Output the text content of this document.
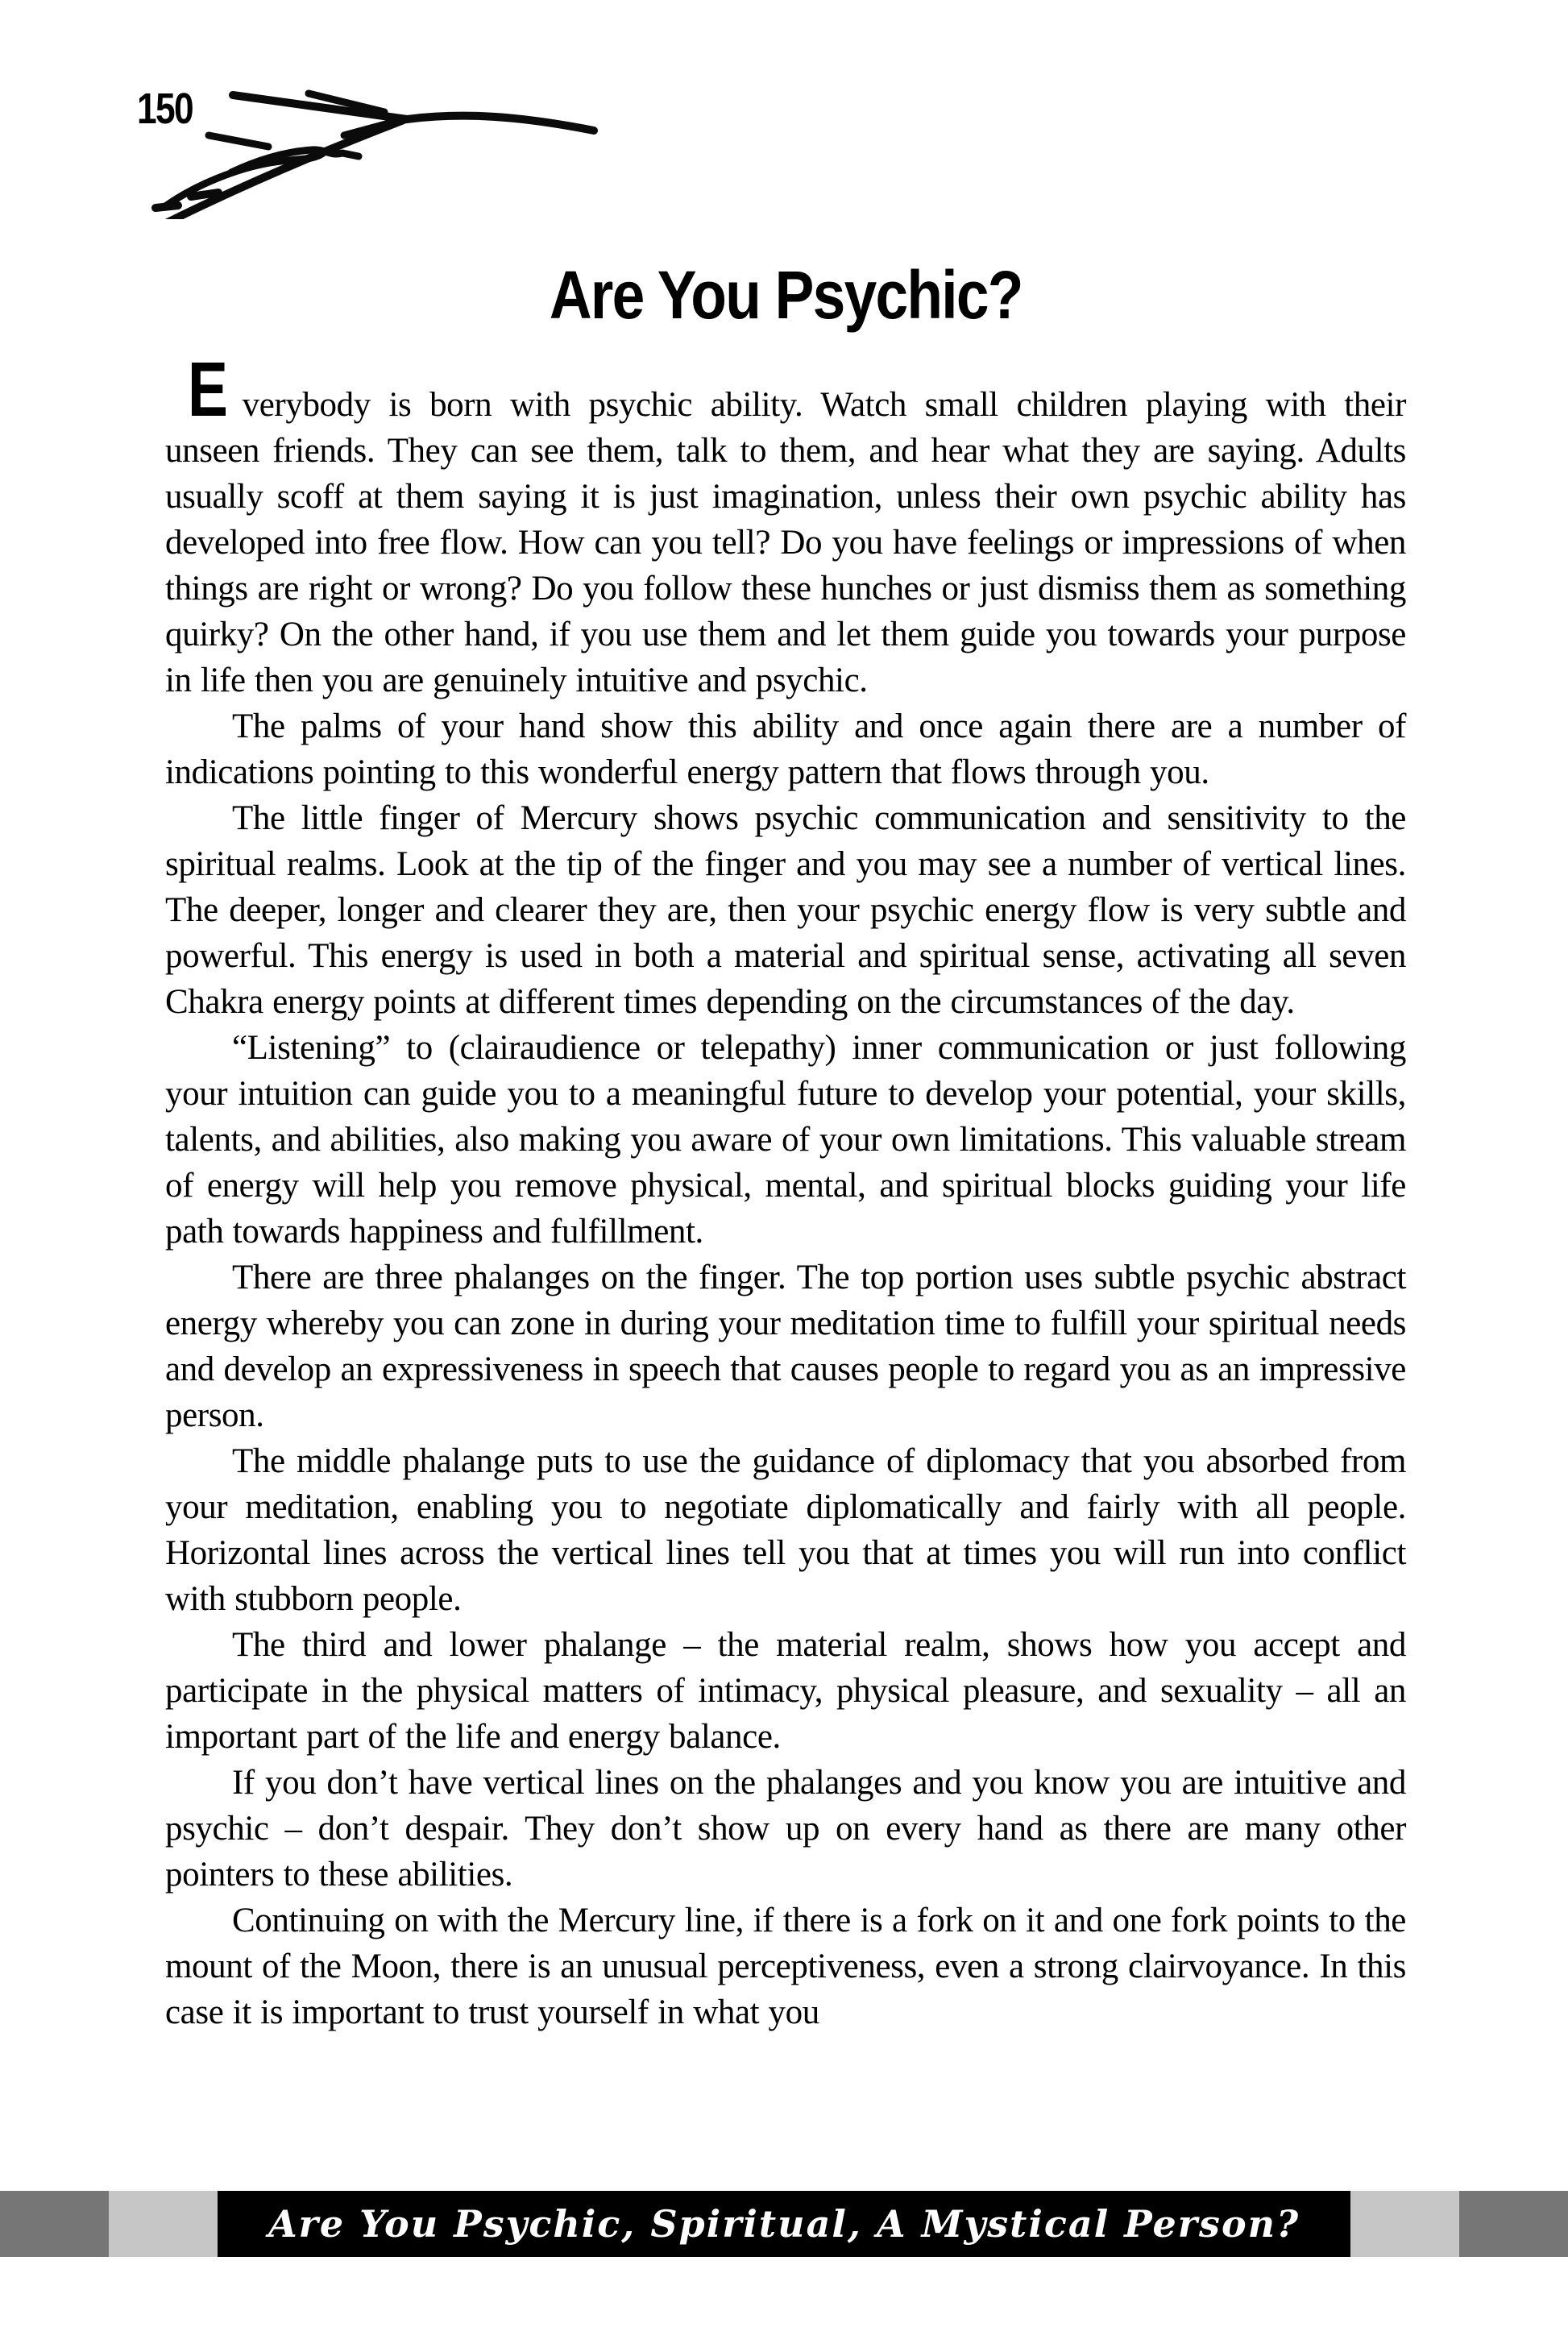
150
Are You Psychic?

Everybody is born with psychic ability. Watch small children playing with their unseen friends. They can see them, talk to them, and hear what they are saying. Adults usually scoff at them saying it is just imagination, unless their own psychic ability has developed into free flow. How can you tell? Do you have feelings or impressions of when things are right or wrong? Do you follow these hunches or just dismiss them as something quirky? On the other hand, if you use them and let them guide you towards your purpose in life then you are genuinely intuitive and psychic.

The palms of your hand show this ability and once again there are a number of indications pointing to this wonderful energy pattern that flows through you.

The little finger of Mercury shows psychic communication and sensitivity to the spiritual realms. Look at the tip of the finger and you may see a number of vertical lines. The deeper, longer and clearer they are, then your psychic energy flow is very subtle and powerful. This energy is used in both a material and spiritual sense, activating all seven Chakra energy points at different times depending on the circumstances of the day.

“Listening” to (clairaudience or telepathy) inner communication or just following your intuition can guide you to a meaningful future to develop your potential, your skills, talents, and abilities, also making you aware of your own limitations. This valuable stream of energy will help you remove physical, mental, and spiritual blocks guiding your life path towards happiness and fulfillment.

There are three phalanges on the finger. The top portion uses subtle psychic abstract energy whereby you can zone in during your meditation time to fulfill your spiritual needs and develop an expressiveness in speech that causes people to regard you as an impressive person.

The middle phalange puts to use the guidance of diplomacy that you absorbed from your meditation, enabling you to negotiate diplomatically and fairly with all people. Horizontal lines across the vertical lines tell you that at times you will run into conflict with stubborn people.

The third and lower phalange – the material realm, shows how you accept and participate in the physical matters of intimacy, physical pleasure, and sexuality – all an important part of the life and energy balance.

If you don’t have vertical lines on the phalanges and you know you are intuitive and psychic – don’t despair. They don’t show up on every hand as there are many other pointers to these abilities.

Continuing on with the Mercury line, if there is a fork on it and one fork points to the mount of the Moon, there is an unusual perceptiveness, even a strong clairvoyance. In this case it is important to trust yourself in what you

Are You Psychic, Spiritual, A Mystical Person?
